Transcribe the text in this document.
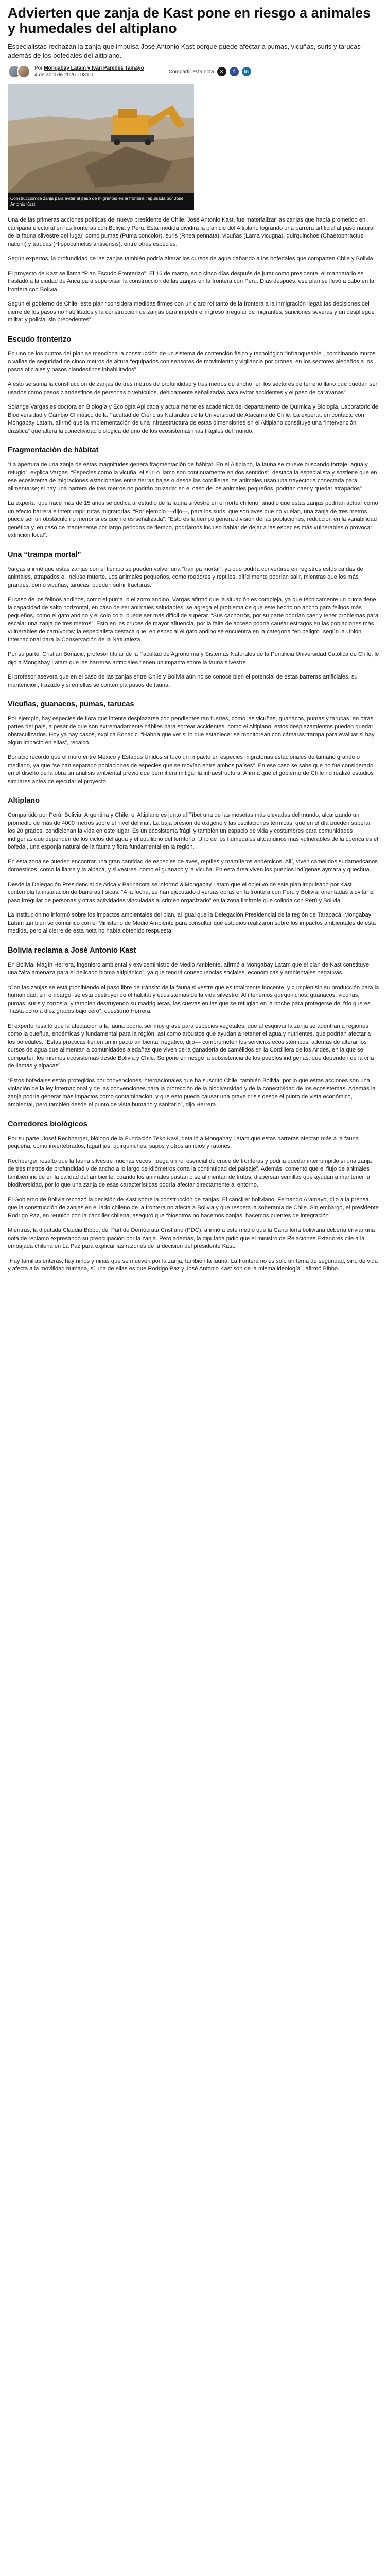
Advierten que zanja de Kast pone en riesgo a animales y humedales del altiplano

Especialistas rechazan la zanja que impulsa José Antonio Kast porque puede afectar a pumas, vicuñas, suris y tarucas además de los bofedales del altiplano.

Por Mongabay Latam y Iván Paredes Tamayo
4 de abril de 2026 - 08:00
Compartir esta nota	X	f	in
Construcción de zanja para evitar el paso de migrantes en la frontera impulsada por José Antonio Kast.

Una de las primeras acciones políticas del nuevo presidente de Chile, José Antonio Kast, fue materializar las zanjas que había prometido en campaña electoral en las fronteras con Bolivia y Perú. Esta medida dividirá la planicie del Altiplano logrando una barrera artificial al paso natural de la fauna silvestre del lugar, como pumas (Puma concolor), suris (Rhea pennata), vicuñas (Lama vicugna), quirquinchos (Chaetophractus nationi) y tarucas (Hippocamelus antisensis), entre otras especies.

Según expertos, la profundidad de las zanjas también podría alterar los cursos de agua dañando a los bofedales que comparten Chile y Bolivia.

El proyecto de Kast se llama “Plan Escudo Fronterizo”. El 16 de marzo, solo cinco días después de jurar como presidente, el mandatario se trasladó a la ciudad de Arica para supervisar la construcción de las zanjas en la frontera con Perú. Días después, ese plan se llevó a cabo en la frontera con Bolivia.

Según el gobierno de Chile, este plan “considera medidas firmes con un claro rol tanto de la frontera a la inmigración ilegal: las decisiones del cierre de los pasos no habilitados y la construcción de zanjas para impedir el ingreso irregular de migrantes, sanciones severas y un despliegue militar y policial sin precedentes”.

Escudo fronterizo

En uno de los puntos del plan se menciona la construcción de un sistema de contención físico y tecnológico “infranqueable”, combinando muros o vallas de seguridad de cinco metros de altura “equipados con sensores de movimiento y vigilancia por drones, en los sectores aledaños a los pasos oficiales y pasos clandestinos inhabilitados”.

A esto se suma la construcción de zanjas de tres metros de profundidad y tres metros de ancho “en los sectores de terreno llano que puedan ser usados como pasos clandestinos de personas o vehículos, debidamente señalizadas para evitar accidentes y el paso de caravanas”.

Solange Vargas es doctora en Biología y Ecología Aplicada y actualmente es académica del departamento de Química y Biología, Laboratorio de Biodiversidad y Cambio Climático de la Facultad de Ciencias Naturales de la Universidad de Atacama de Chile. La experta, en contacto con Mongabay Latam, afirmó que la implementación de una infraestructura de estas dimensiones en el Altiplano constituye una “intervención drástica” que altera la conectividad biológica de uno de los ecosistemas más frágiles del mundo.

Fragmentación de hábitat

“La apertura de una zanja de estas magnitudes genera fragmentación de hábitat. En el Altiplano, la fauna se mueve buscando forraje, agua y refugio”, explica Vargas. “Especies como la vicuña, el suri o llamo son continuamente en dos sentidos”, destaca la especialista y sostiene que en ese ecosistema de migraciones estacionales entre tierras bajas o desde las cordilleras los animales usan una trayectoria conectada para alimentarse; si hay una barrera de tres metros no podrán cruzarla: en el caso de los animales pequeños, podrían caer y quedar atrapados”.

La experta, que hace más de 15 años se dedica al estudio de la fauna silvestre en el norte chileno, añadió que estas zanjas podrían actuar como un efecto barrera e interrumpir rutas migratorias. “Por ejemplo —dijo—, para los suris, que son aves que no vuelan, una zanja de tres metros puede ser un obstáculo no menor si es que no es señalizada”. “Esto es la tiempo genera división de las poblaciones, reducción en la variabilidad genética y, en caso de mantenerse por largo periodos de tiempo, podríamos incluso hablar de dejar a las especies más vulnerables o provocar extinción local”.

Una “trampa mortal”

Vargas afirmó que estas zanjas con el tiempo se pueden volver una “trampa mortal”, ya que podría convertirse en registros estos caídas de animales, atrapados e, incluso muerte. Los animales pequeños, como roedores y reptiles, difícilmente podrían salir, mientras que los más grandes, como vicuñas, tarucas, pueden sufrir fracturas.

El caso de los felinos andinos, como el puma, o el zorro andino, Vargas afirmó que la situación es compleja, ya que técnicamente un puma tiene la capacidad de salto horizontal, en caso de ser animales saludables, se agrega el problema de que este hecho no ancho para felinos más pequeños, como el gato andino y el colo colo, puede ser más difícil de superar. “Sus cachorros, por su parte podrían caer y tener problemas para escalar una zanja de tres metros”. Esto en los cruces de mayor afluencia, por la falta de acceso podría causar estragos en las poblaciones más vulnerables de carnívoros; la especialista destaca que, en especial el gato andino se encuentra en la categoría “en peligro” según la Unión Internacional para la Conservación de la Naturaleza.

Por su parte, Cristián Bonacic, profesor titular de la Facultad de Agronomía y Sistemas Naturales de la Pontificia Universidad Católica de Chile, le dijo a Mongabay Latam que las barreras artificiales tienen un impacto sobre la fauna silvestre.

El profesor asevera que en el caso de las zanjas entre Chile y Bolivia aún no se conoce bien el potencial de estas barreras artificiales, su mantención, trazado y si en ellas se contempla pasos de fauna.

Vicuñas, guanacos, pumas, tarucas

Por ejemplo, hay especies de flora que intente desplazarse con pendientes tan fuertes, como las vicuñas, guanacos, pumas y tarucas, en otras partes del país, a pesar de que son extremadamente hábiles para sortear accidentes, como el Altiplano, estos desplazamientos pueden quedar obstaculizados. Hoy ya hay casos, explica Bonacic. “Habría que ver si lo que establecer se monitorean con cámaras trampa para evaluar si hay algún impacto en ellas”, recalcó.

Bonacic recordó que el muro entre México y Estados Unidos sí tuvo un impacto en especies migratorias estacionales de tamaño grande o mediano, ya que “se han separado poblaciones de especies que se movían entre ambos países”. En ese caso se sabe que no fue considerado en el diseño de la obra un análisis ambiental previo que permitiera mitigar la infraestructura. Afirma que el gobierno de Chile no realizó estudios similares antes de ejecutar el proyecto.

Altiplano

Compartido por Perú, Bolivia, Argentina y Chile, el Altiplano es junto al Tíbet una de las mesetas más elevadas del mundo, alcanzando un promedio de más de 4000 metros sobre el nivel del mar. La baja presión de oxígeno y las oscilaciones térmicas, que en el día pueden superar los 20 grados, condicionan la vida en este lugar. Es un ecosistema frágil y también un espacio de vida y costumbres para comunidades indígenas que dependen de los ciclos del agua y el equilibrio del territorio. Uno de los humedales altoandinos más vulnerables de la cuenca es el bofedal, una esponja natural de la fauna y flora fundamental en la región.

En esta zona se pueden encontrar una gran cantidad de especies de aves, reptiles y mamíferos endémicos. Allí, viven camélidos sudamericanos domésticos, como la llama y la alpaca, y silvestres, como el guanaco y la vicuña. En esta área viven los pueblos indígenas aymara y quechua.

Desde la Delegación Presidencial de Arica y Parinacota se informó a Mongabay Latam que el objetivo de este plan impulsado por Kast contempla la instalación de barreras físicas. “A la fecha, se han ejecutado diversas obras en la frontera con Perú y Bolivia, orientadas a evitar el paso irregular de personas y otras actividades vinculadas al crimen organizado” en la zona limítrofe que colinda con Perú y Bolivia.

La institución no informó sobre los impactos ambientales del plan, al igual que la Delegación Presidencial de la región de Tarapacá. Mongabay Latam también se comunicó con el Ministerio de Medio Ambiente para consultar qué estudios realizaron sobre los impactos ambientales de esta medida, pero al cierre de esta nota no había obtenido respuesta.

Bolivia reclama a José Antonio Kast

En Bolivia, Magín Herrera, ingeniero ambiental y exviceministro de Medio Ambiente, afirmó a Mongabay Latam que el plan de Kast constituye una “alta amenaza para el delicado bioma altiplánico”, ya que tendrá consecuencias sociales, económicas y ambientales negativas.

“Con las zanjas se está prohibiendo el paso libre de tránsito de la fauna silvestre que es totalmente inocente, y cumplen sin su producción para la humanidad; sin embargo, se está destruyendo el hábitat y ecosistemas de la vida silvestre. Allí tenemos quirquinchos, guanacos, vicuñas, pumas, suris y zorros a, y también destruyendo su madrigueras, las cuevas en las que se refugian en la noche para protegerse del frío que es “hasta ocho a diez grados bajo cero”, cuestionó Herrera.

El experto resaltó que la afectación a la fauna podría ser muy grave para especies vegetales, que al esquivar la zanja se adentran a regiones como la queñua, endémicas y fundamental para la región; así como arbustos que ayudan a retener el agua y nutrientes, que podrían afectar a los bofedales. “Estas prácticas tienen un impacto ambiental negativo, dijo— comprometen los servicios ecosistémicos, además de alterar los cursos de agua que alimentan a comunidades aledañas que viven de la ganadería de camélidos en la Cordillera de los Andes, en la que se comparten los mismos ecosistemas desde Bolivia y Chile. Se pone en riesgo la subsistencia de los pueblos indígenas, que dependen de la cría de llamas y alpacas”.

“Estos bofedales están protegidos por convenciones internacionales que ha suscrito Chile, también Bolivia, por lo que estas acciones son una violación de la ley internacional y de las convenciones para la protección de la biodiversidad y de la conectividad de los ecosistemas. Además la zanja podría generar más impactos como contaminación, y que esto pueda causar una grave crisis desde el punto de vista económico, ambiental, pero también desde el punto de vista humano y sanitario”, dijo Herrera.

Corredores biológicos

Por su parte, Josef Rechberger, biólogo de la Fundación Teko Kavi, detalló a Mongabay Latam que estas barreras afectan más a la fauna pequeña, como invertebrados, lagartijas, quirquinchos, sapos y otros anfibios y ratones.

Rechberger resaltó que la fauna silvestre muchas veces “juega un rol esencial de cruce de fronteras y podría quedar interrumpido sí una zanja de tres metros de profundidad y de ancho a lo largo de kilómetros corta la continuidad del paisaje”. Además, comentó que el flujo de animales también incide en la calidad del ambiente: cuando los animales pastan o se alimentan de frutos, dispersan semillas que ayudan a mantener la biodiversidad, por lo que una zanja de esas características podría afectar directamente al entorno.

El Gobierno de Bolivia rechazó la decisión de Kast sobre la construcción de zanjas. El canciller boliviano, Fernando Aramayo, dijo a la prensa que la construcción de zanjas en el lado chileno de la frontera no afecta a Bolivia y que respeta la soberanía de Chile. Sin embargo, el presidente Rodrigo Paz, en reunión con la canciller chilena, aseguró que “Nosotros no hacemos zanjas, hacemos puentes de integración”.

Mientras, la diputada Claudia Bibbo, del Partido Demócrata Cristiano (PDC), afirmó a este medio que la Cancillería boliviana debería enviar una nota de reclamo expresando su preocupación por la zanja. Pero además, la diputada pidió que el ministro de Relaciones Exteriores cite a la embajada chilena en La Paz para explicar las razones de la decisión del presidente Kast.

“Hay familias enteras, hay niños y niñas que se mueven por la zanja, también la fauna. La frontera no es sólo un tema de seguridad, sino de vida y afecta a la movilidad humana, sí una de ellas es que Rodrigo Paz y José Antonio Kast son de la misma ideología”, afirmó Bibbo.
